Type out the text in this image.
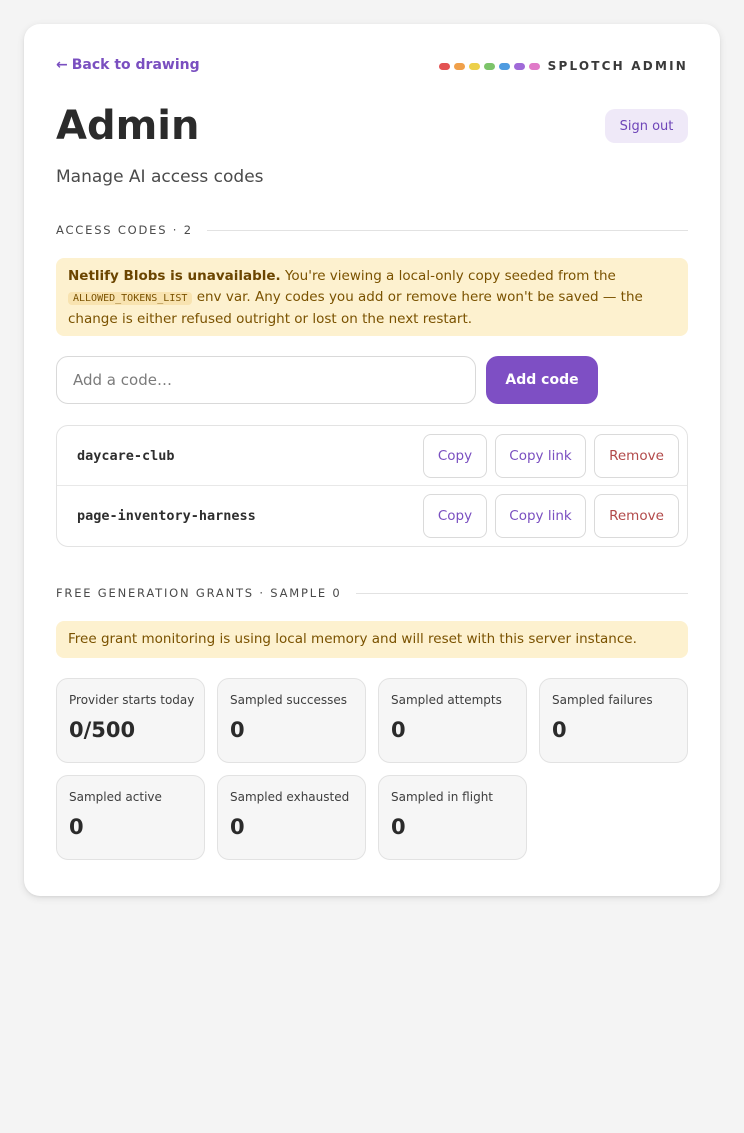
← Back to drawing	SPLOTCH ADMIN
Admin	Sign out

Manage AI access codes

ACCESS CODES · 2
Netlify Blobs is unavailable. You're viewing a local-only copy seeded from the ALLOWED_TOKENS_LIST env var. Any codes you add or remove here won't be saved — the change is either refused outright or lost on the next restart.
Add a code…
Add code
daycare-club	Copy	Copy link	Remove
page-inventory-harness	Copy	Copy link	Remove
FREE GENERATION GRANTS · SAMPLE 0
Free grant monitoring is using local memory and will reset with this server instance.
Provider starts today
0/500
Sampled successes
0
Sampled attempts
0
Sampled failures
0
Sampled active
0
Sampled exhausted
0
Sampled in flight
0
